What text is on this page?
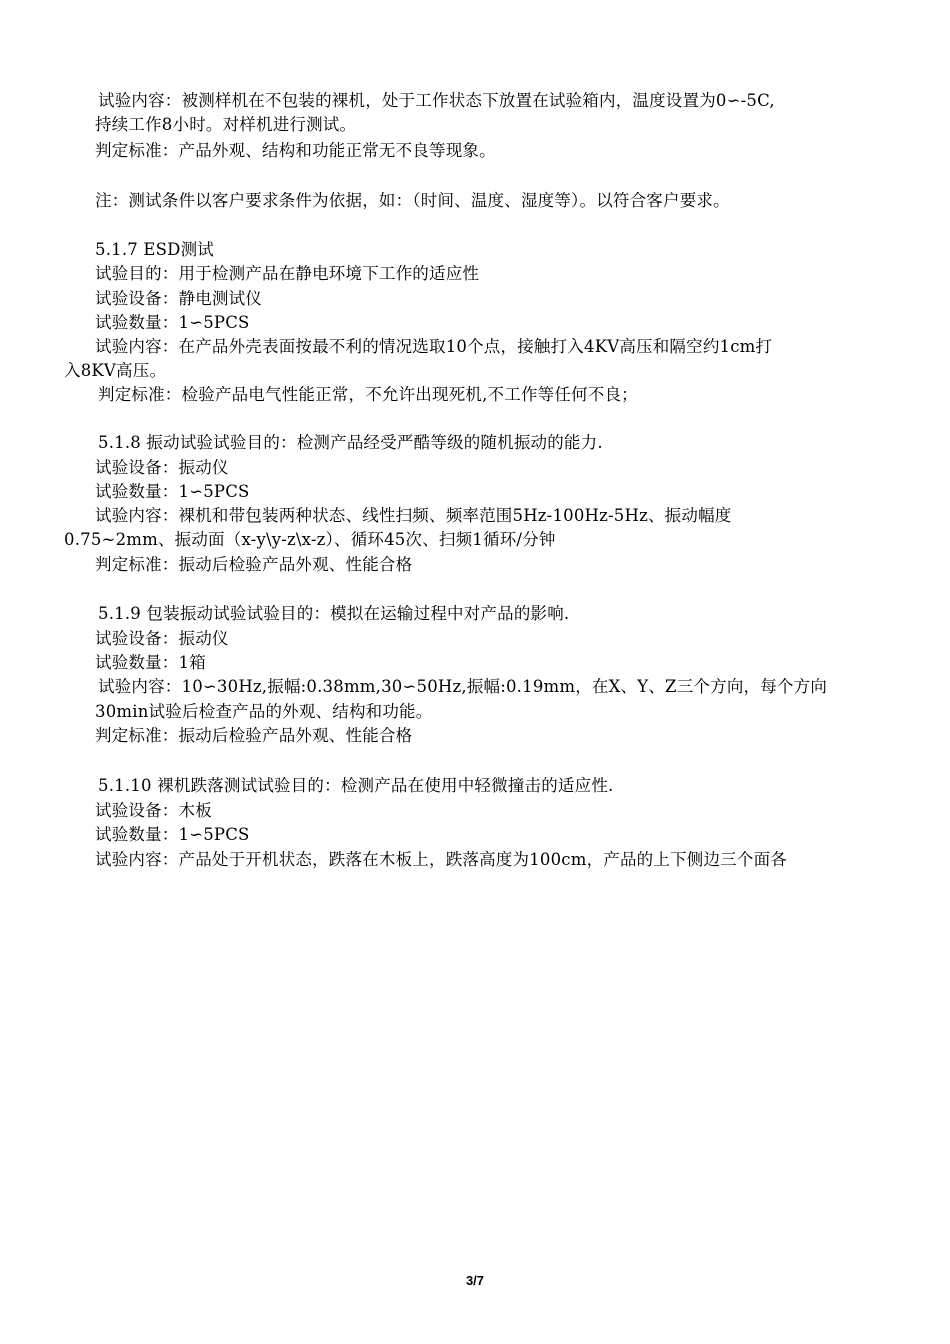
试验内容：被测样机在不包装的裸机，处于工作状态下放置在试验箱内，温度设置为0∽-5C,
持续工作8小时。对样机进行测试。
判定标准：产品外观、结构和功能正常无不良等现象。
注：测试条件以客户要求条件为依据，如：（时间、温度、湿度等）。以符合客户要求。
5.1.7 ESD测试
试验目的：用于检测产品在静电环境下工作的适应性
试验设备：静电测试仪
试验数量：1∽5PCS
试验内容：在产品外壳表面按最不利的情况选取10个点，接触打入4KV高压和隔空约1cm打
入8KV高压。
判定标准：检验产品电气性能正常，不允许出现死机,不工作等任何不良；
5.1.8 振动试验试验目的：检测产品经受严酷等级的随机振动的能力.
试验设备：振动仪
试验数量：1∽5PCS
试验内容：裸机和带包装两种状态、线性扫频、频率范围5Hz-100Hz-5Hz、振动幅度
0.75~2mm、振动面（x-y\y-z\x-z）、循环45次、扫频1循环/分钟
判定标准：振动后检验产品外观、性能合格
5.1.9 包装振动试验试验目的：模拟在运输过程中对产品的影响.
试验设备：振动仪
试验数量：1箱
试验内容：10∽30Hz,振幅:0.38mm,30∽50Hz,振幅:0.19mm，在X、Y、Z三个方向，每个方向
30min试验后检查产品的外观、结构和功能。
判定标准：振动后检验产品外观、性能合格
5.1.10 裸机跌落测试试验目的：检测产品在使用中轻微撞击的适应性.
试验设备：木板
试验数量：1∽5PCS
试验内容：产品处于开机状态，跌落在木板上，跌落高度为100cm，产品的上下侧边三个面各
3/7
